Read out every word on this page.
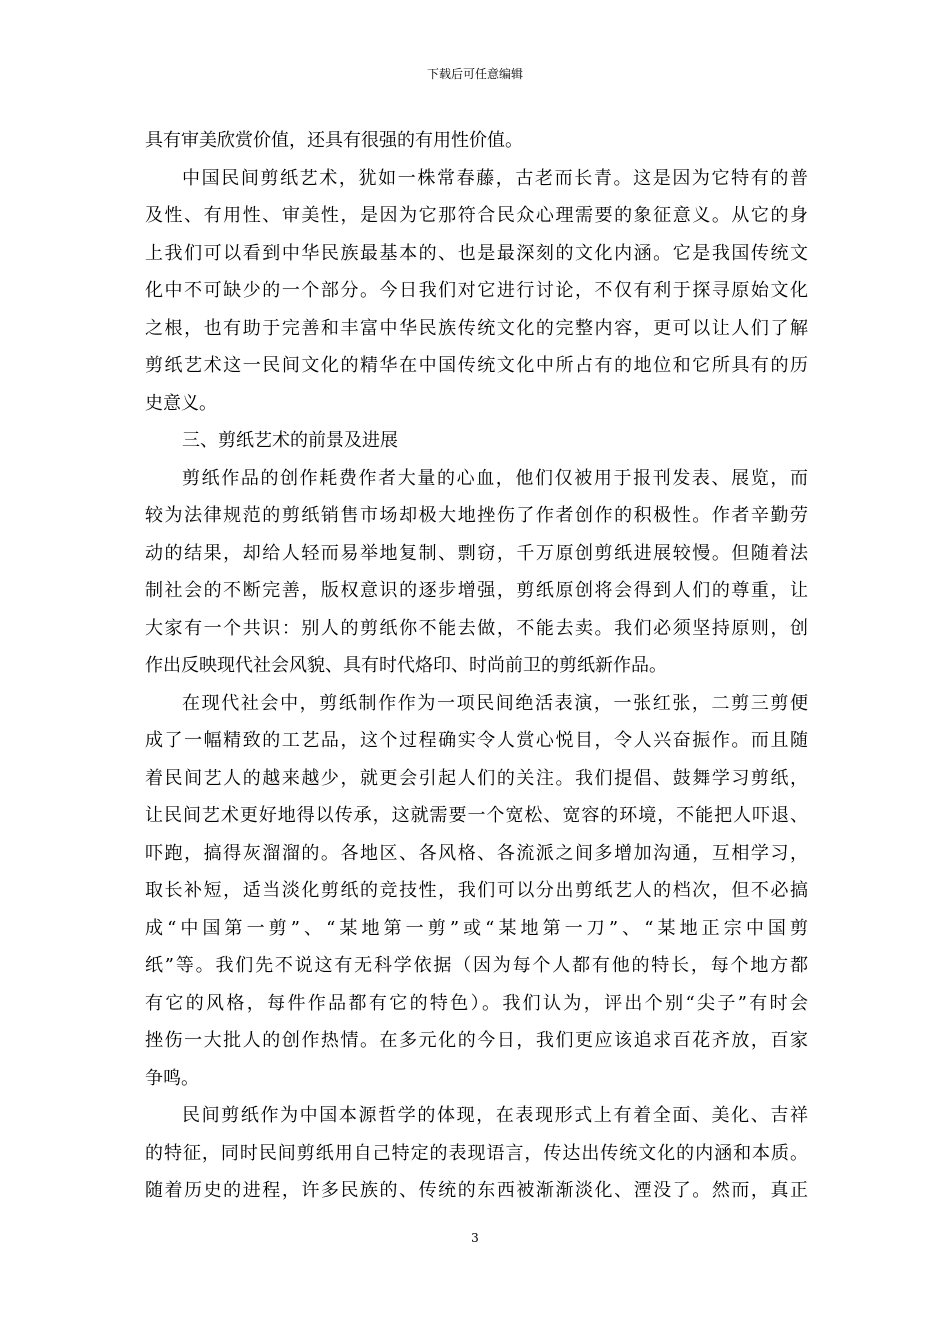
下载后可任意编辑
具有审美欣赏价值，还具有很强的有用性价值。
中国民间剪纸艺术，犹如一株常春藤，古老而长青。这是因为它特有的普
及性、有用性、审美性，是因为它那符合民众心理需要的象征意义。从它的身
上我们可以看到中华民族最基本的、也是最深刻的文化内涵。它是我国传统文
化中不可缺少的一个部分。今日我们对它进行讨论，不仅有利于探寻原始文化
之根，也有助于完善和丰富中华民族传统文化的完整内容，更可以让人们了解
剪纸艺术这一民间文化的精华在中国传统文化中所占有的地位和它所具有的历
史意义。
三、剪纸艺术的前景及进展
剪纸作品的创作耗费作者大量的心血，他们仅被用于报刊发表、展览，而
较为法律规范的剪纸销售市场却极大地挫伤了作者创作的积极性。作者辛勤劳
动的结果，却给人轻而易举地复制、剽窃，千万原创剪纸进展较慢。但随着法
制社会的不断完善，版权意识的逐步增强，剪纸原创将会得到人们的尊重，让
大家有一个共识：别人的剪纸你不能去做，不能去卖。我们必须坚持原则，创
作出反映现代社会风貌、具有时代烙印、时尚前卫的剪纸新作品。
在现代社会中，剪纸制作作为一项民间绝活表演，一张红张，二剪三剪便
成了一幅精致的工艺品，这个过程确实令人赏心悦目，令人兴奋振作。而且随
着民间艺人的越来越少，就更会引起人们的关注。我们提倡、鼓舞学习剪纸，
让民间艺术更好地得以传承，这就需要一个宽松、宽容的环境，不能把人吓退、
吓跑，搞得灰溜溜的。各地区、各风格、各流派之间多增加沟通，互相学习，
取长补短，适当淡化剪纸的竞技性，我们可以分出剪纸艺人的档次，但不必搞
成“中国第一剪”、“某地第一剪”或“某地第一刀”、“某地正宗中国剪
纸”等。我们先不说这有无科学依据（因为每个人都有他的特长，每个地方都
有它的风格，每件作品都有它的特色）。我们认为，评出个别“尖子”有时会
挫伤一大批人的创作热情。在多元化的今日，我们更应该追求百花齐放，百家
争鸣。
民间剪纸作为中国本源哲学的体现，在表现形式上有着全面、美化、吉祥
的特征，同时民间剪纸用自己特定的表现语言，传达出传统文化的内涵和本质。
随着历史的进程，许多民族的、传统的东西被渐渐淡化、湮没了。然而，真正
3
